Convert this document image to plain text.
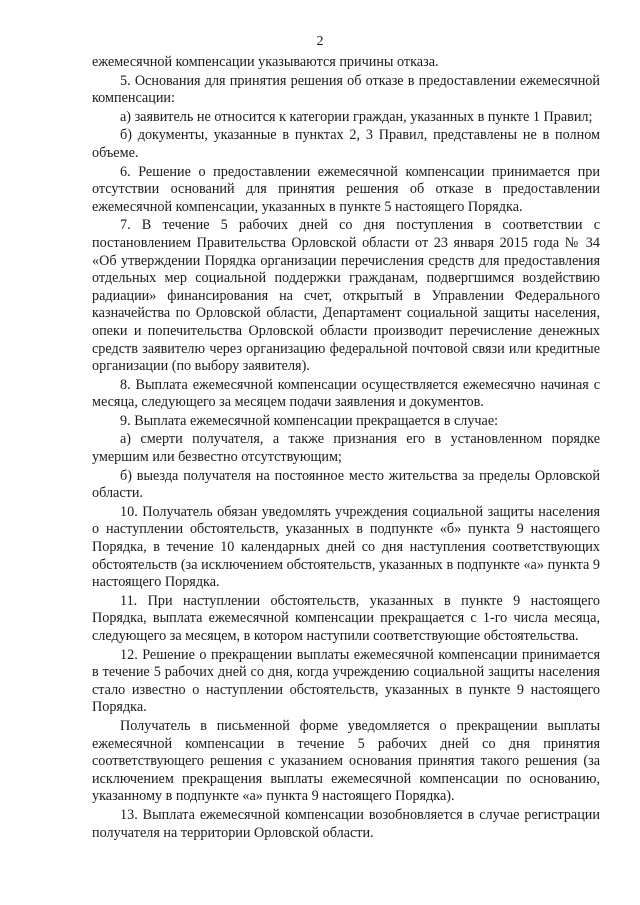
2

ежемесячной компенсации указываются причины отказа.

5. Основания для принятия решения об отказе в предоставлении ежемесячной компенсации:

а) заявитель не относится к категории граждан, указанных в пункте 1 Правил;

б) документы, указанные в пунктах 2, 3 Правил, представлены не в полном объеме.

6. Решение о предоставлении ежемесячной компенсации принимается при отсутствии оснований для принятия решения об отказе в предоставлении ежемесячной компенсации, указанных в пункте 5 настоящего Порядка.

7. В течение 5 рабочих дней со дня поступления в соответствии с постановлением Правительства Орловской области от 23 января 2015 года № 34 «Об утверждении Порядка организации перечисления средств для предоставления отдельных мер социальной поддержки гражданам, подвергшимся воздействию радиации» финансирования на счет, открытый в Управлении Федерального казначейства по Орловской области, Департамент социальной защиты населения, опеки и попечительства Орловской области производит перечисление денежных средств заявителю через организацию федеральной почтовой связи или кредитные организации (по выбору заявителя).

8. Выплата ежемесячной компенсации осуществляется ежемесячно начиная с месяца, следующего за месяцем подачи заявления и документов.

9. Выплата ежемесячной компенсации прекращается в случае:

а) смерти получателя, а также признания его в установленном порядке умершим или безвестно отсутствующим;

б) выезда получателя на постоянное место жительства за пределы Орловской области.

10. Получатель обязан уведомлять учреждения социальной защиты населения о наступлении обстоятельств, указанных в подпункте «б» пункта 9 настоящего Порядка, в течение 10 календарных дней со дня наступления соответствующих обстоятельств (за исключением обстоятельств, указанных в подпункте «а» пункта 9 настоящего Порядка.

11. При наступлении обстоятельств, указанных в пункте 9 настоящего Порядка, выплата ежемесячной компенсации прекращается с 1-го числа месяца, следующего за месяцем, в котором наступили соответствующие обстоятельства.

12. Решение о прекращении выплаты ежемесячной компенсации принимается в течение 5 рабочих дней со дня, когда учреждению социальной защиты населения стало известно о наступлении обстоятельств, указанных в пункте 9 настоящего Порядка.

Получатель в письменной форме уведомляется о прекращении выплаты ежемесячной компенсации в течение 5 рабочих дней со дня принятия соответствующего решения с указанием основания принятия такого решения (за исключением прекращения выплаты ежемесячной компенсации по основанию, указанному в подпункте «а» пункта 9 настоящего Порядка).

13. Выплата ежемесячной компенсации возобновляется в случае регистрации получателя на территории Орловской области.
